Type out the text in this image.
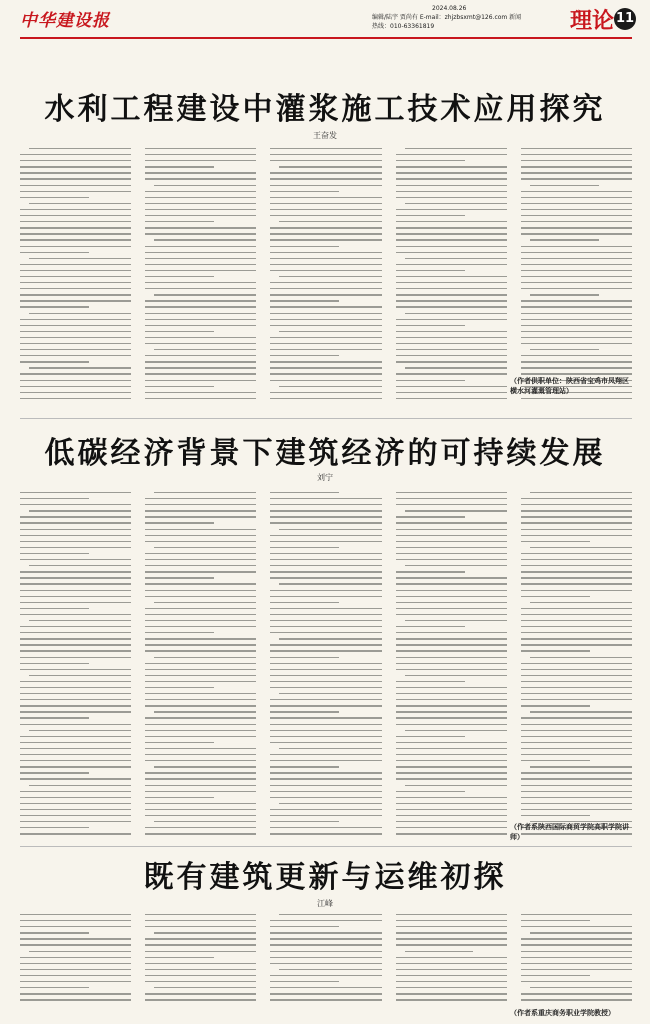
中华建设报
2024.08.26
编辑/陆宇 贾尚有 E-mail：zhjzbsxmt@126.com 新闻热线：010-63361819	理论 11
水利工程建设中灌浆施工技术应用探究
王奋发
（作者供职单位：陕西省宝鸡市凤翔区横水河灌溉管理站）
低碳经济背景下建筑经济的可持续发展
刘宁
（作者系陕西国际商贸学院高职学院讲师）
既有建筑更新与运维初探
江峰
（作者系重庆商务职业学院教授）
